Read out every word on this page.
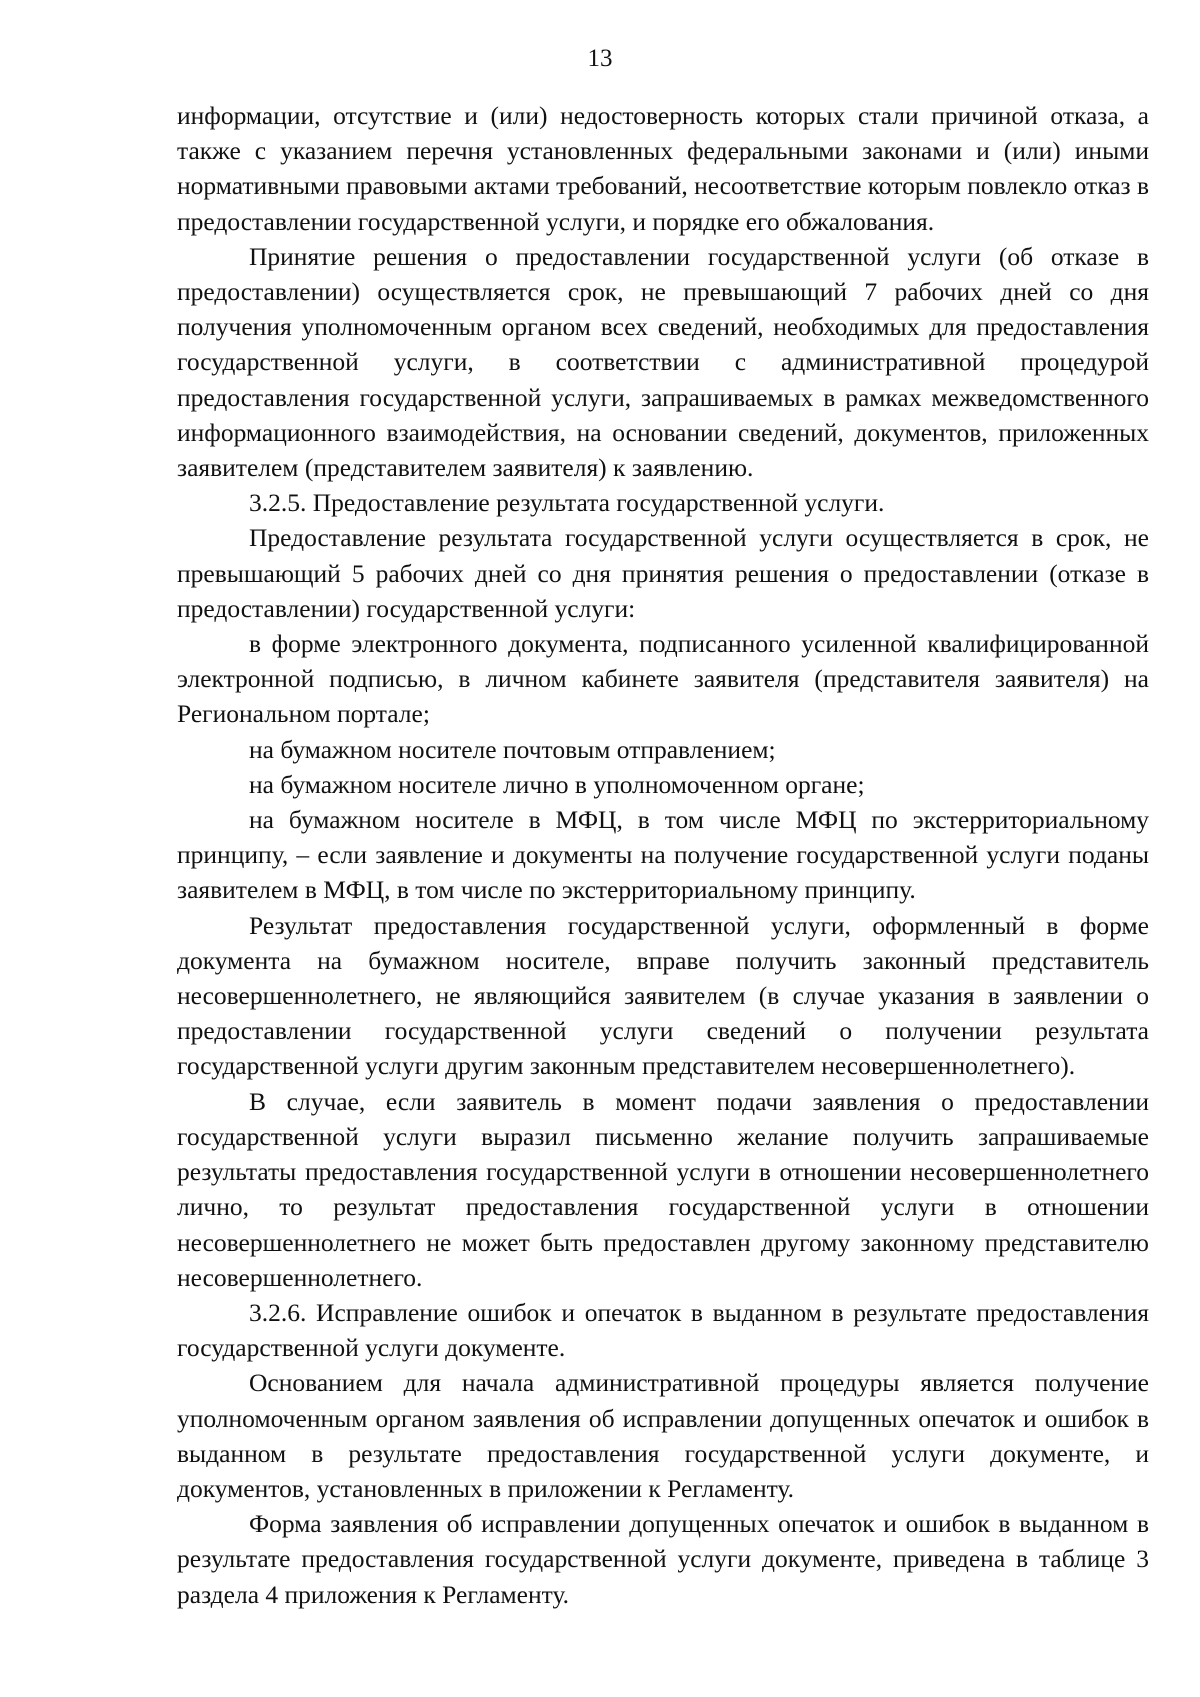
13

информации, отсутствие и (или) недостоверность которых стали причиной отказа, а также с указанием перечня установленных федеральными законами и (или) иными нормативными правовыми актами требований, несоответствие которым повлекло отказ в предоставлении государственной услуги, и порядке его обжалования.

Принятие решения о предоставлении государственной услуги (об отказе в предоставлении) осуществляется срок, не превышающий 7 рабочих дней со дня получения уполномоченным органом всех сведений, необходимых для предоставления государственной услуги, в соответствии с административной процедурой предоставления государственной услуги, запрашиваемых в рамках межведомственного информационного взаимодействия, на основании сведений, документов, приложенных заявителем (представителем заявителя) к заявлению.

3.2.5. Предоставление результата государственной услуги.

Предоставление результата государственной услуги осуществляется в срок, не превышающий 5 рабочих дней со дня принятия решения о предоставлении (отказе в предоставлении) государственной услуги:

в форме электронного документа, подписанного усиленной квалифицированной электронной подписью, в личном кабинете заявителя (представителя заявителя) на Региональном портале;

на бумажном носителе почтовым отправлением;

на бумажном носителе лично в уполномоченном органе;

на бумажном носителе в МФЦ, в том числе МФЦ по экстерриториальному принципу, – если заявление и документы на получение государственной услуги поданы заявителем в МФЦ, в том числе по экстерриториальному принципу.

Результат предоставления государственной услуги, оформленный в форме документа на бумажном носителе, вправе получить законный представитель несовершеннолетнего, не являющийся заявителем (в случае указания в заявлении о предоставлении государственной услуги сведений о получении результата государственной услуги другим законным представителем несовершеннолетнего).

В случае, если заявитель в момент подачи заявления о предоставлении государственной услуги выразил письменно желание получить запрашиваемые результаты предоставления государственной услуги в отношении несовершеннолетнего лично, то результат предоставления государственной услуги в отношении несовершеннолетнего не может быть предоставлен другому законному представителю несовершеннолетнего.

3.2.6. Исправление ошибок и опечаток в выданном в результате предоставления государственной услуги документе.

Основанием для начала административной процедуры является получение уполномоченным органом заявления об исправлении допущенных опечаток и ошибок в выданном в результате предоставления государственной услуги документе, и документов, установленных в приложении к Регламенту.

Форма заявления об исправлении допущенных опечаток и ошибок в выданном в результате предоставления государственной услуги документе, приведена в таблице 3 раздела 4 приложения к Регламенту.
